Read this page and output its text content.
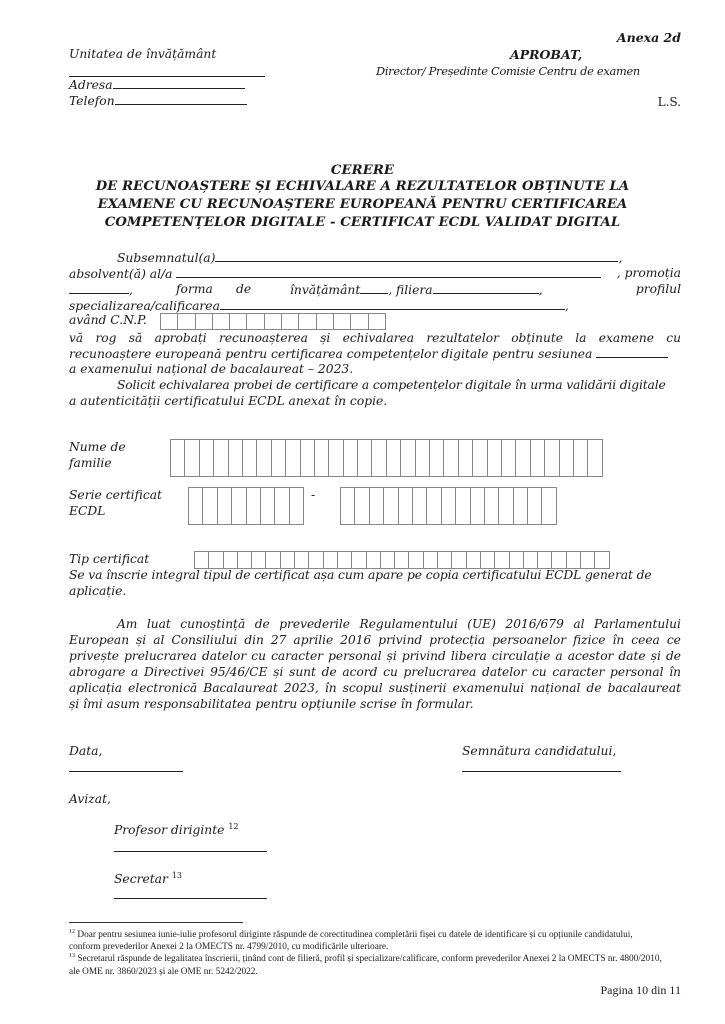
Anexa 2d
Unitatea de învățământ
Adresa
Telefon
APROBAT,
Director/ Președinte Comisie Centru de examen
L.S.
CERERE
DE RECUNOAȘTERE ȘI ECHIVALARE A REZULTATELOR OBȚINUTE LA
EXAMENE CU RECUNOAȘTERE EUROPEANĂ PENTRU CERTIFICAREA
COMPETENȚELOR DIGITALE - CERTIFICAT ECDL VALIDAT DIGITAL
Subsemnatul(a)	,
absolvent(ă) al/a	, promoția
,	forma de	învățământ , filiera	,	profilul
specializarea/calificarea	,
având C.N.P.
vă rog să aprobați recunoașterea și echivalarea rezultatelor obținute la examene cu
recunoaștere europeană pentru certificarea competențelor digitale pentru sesiunea
a examenului național de bacalaureat – 2023.
Solicit echivalarea probei de certificare a competențelor digitale în urma validării digitale
a autenticității certificatului ECDL anexat în copie.
Nume de
familie
Serie certificat
ECDL
-
Tip certificat
Se va înscrie integral tipul de certificat așa cum apare pe copia certificatului ECDL generat de
aplicație.
Am luat cunoștință de prevederile Regulamentului (UE) 2016/679 al Parlamentului
European și al Consiliului din 27 aprilie 2016 privind protecția persoanelor fizice în ceea ce
privește prelucrarea datelor cu caracter personal și privind libera circulație a acestor date și de
abrogare a Directivei 95/46/CE și sunt de acord cu prelucrarea datelor cu caracter personal în
aplicația electronică Bacalaureat 2023, în scopul susținerii examenului național de bacalaureat
și îmi asum responsabilitatea pentru opțiunile scrise în formular.
Data,	Semnătura candidatului,
Avizat,
Profesor diriginte $^{12}$
Secretar $^{13}$
$^{12}$ Doar pentru sesiunea iunie-iulie profesorul diriginte răspunde de corectitudinea completării fișei cu datele de identificare și cu opțiunile candidatului,
conform prevederilor Anexei 2 la OMECTS nr. 4799/2010, cu modificările ulterioare.
$^{13}$ Secretarul răspunde de legalitatea înscrierii, ținând cont de filieră, profil și specializare/calificare, conform prevederilor Anexei 2 la OMECTS nr. 4800/2010,
ale OME nr. 3860/2023 și ale OME nr. 5242/2022.
Pagina 10 din 11
